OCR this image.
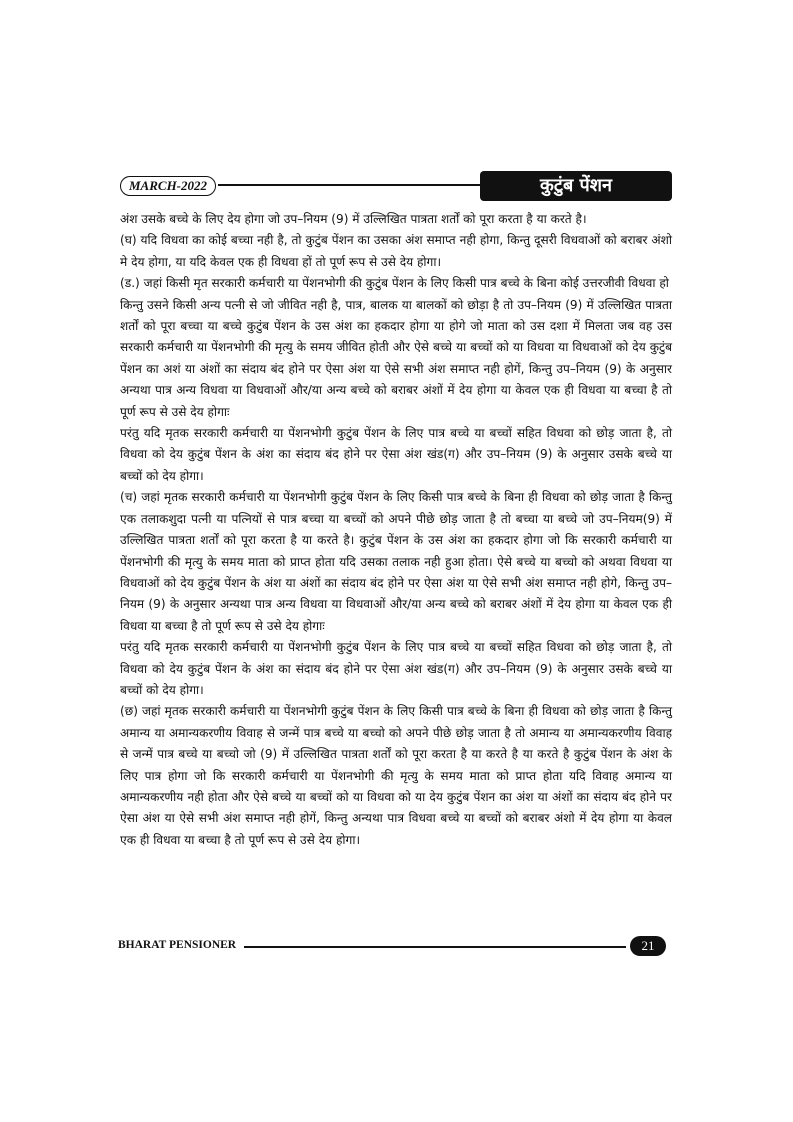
MARCH-2022	कुटुंब पेंशन

अंश उसके बच्चे के लिए देय होगा जो उप–नियम (9) में उल्लिखित पात्रता शर्तों को पूरा करता है या करते है।

(घ) यदि विधवा का कोई बच्चा नही है, तो कुटुंब पेंशन का उसका अंश समाप्त नही होगा, किन्तु दूसरी विधवाओं को बराबर अंशो मे देय होगा, या यदि केवल एक ही विधवा हों तो पूर्ण रूप से उसे देय होगा।

(ड.) जहां किसी मृत सरकारी कर्मचारी या पेंशनभोगी की कुटुंब पेंशन के लिए किसी पात्र बच्चे के बिना कोई उत्तरजीवी विधवा हो

किन्तु उसने किसी अन्य पत्नी से जो जीवित नही है, पात्र, बालक या बालकों को छोड़ा है तो उप–नियम (9) में उल्लिखित पात्रता शर्तों को पूरा बच्चा या बच्चे कुटुंब पेंशन के उस अंश का हकदार होगा या होगे जो माता को उस दशा में मिलता जब वह उस सरकारी कर्मचारी या पेंशनभोगी की मृत्यु के समय जीवित होती और ऐसे बच्चे या बच्चों को या विधवा या विधवाओं को देय कुटुंब पेंशन का अशं या अंशों का संदाय बंद होने पर ऐसा अंश या ऐसे सभी अंश समाप्त नही होगें, किन्तु उप–नियम (9) के अनुसार अन्यथा पात्र अन्य विधवा या विधवाओं और/या अन्य बच्चे को बराबर अंशों में देय होगा या केवल एक ही विधवा या बच्चा है तो पूर्ण रूप से उसे देय होगाः

परंतु यदि मृतक सरकारी कर्मचारी या पेंशनभोगी कुटुंब पेंशन के लिए पात्र बच्चे या बच्चों सहित विधवा को छोड़ जाता है, तो विधवा को देय कुटुंब पेंशन के अंश का संदाय बंद होने पर ऐसा अंश खंड(ग) और उप–नियम (9) के अनुसार उसके बच्चे या बच्चों को देय होगा।

(च) जहां मृतक सरकारी कर्मचारी या पेंशनभोगी कुटुंब पेंशन के लिए किसी पात्र बच्चे के बिना ही विधवा को छोड़ जाता है किन्तु एक तलाकशुदा पत्नी या पत्नियों से पात्र बच्चा या बच्चों को अपने पीछे छोड़ जाता है तो बच्चा या बच्चे जो उप–नियम(9) में उल्लिखित पात्रता शर्तों को पूरा करता है या करते है। कुटुंब पेंशन के उस अंश का हकदार होगा जो कि सरकारी कर्मचारी या पेंशनभोगी की मृत्यु के समय माता को प्राप्त होता यदि उसका तलाक नही हुआ होता। ऐसे बच्चे या बच्चो को अथवा विधवा या विधवाओं को देय कुटुंब पेंशन के अंश या अंशों का संदाय बंद होने पर ऐसा अंश या ऐसे सभी अंश समाप्त नही होगे, किन्तु उप–नियम (9) के अनुसार अन्यथा पात्र अन्य विधवा या विधवाओं और/या अन्य बच्चे को बराबर अंशों में देय होगा या केवल एक ही विधवा या बच्चा है तो पूर्ण रूप से उसे देय होगाः

परंतु यदि मृतक सरकारी कर्मचारी या पेंशनभोगी कुटुंब पेंशन के लिए पात्र बच्चे या बच्चों सहित विधवा को छोड़ जाता है, तो विधवा को देय कुटुंब पेंशन के अंश का संदाय बंद होने पर ऐसा अंश खंड(ग) और उप–नियम (9) के अनुसार उसके बच्चे या बच्चों को देय होगा।

(छ) जहां मृतक सरकारी कर्मचारी या पेंशनभोगी कुटुंब पेंशन के लिए किसी पात्र बच्चे के बिना ही विधवा को छोड़ जाता है किन्तु अमान्य या अमान्यकरणीय विवाह से जन्में पात्र बच्चे या बच्चो को अपने पीछे छोड़ जाता है तो अमान्य या अमान्यकरणीय विवाह से जन्में पात्र बच्चे या बच्चो जो (9) में उल्लिखित पात्रता शर्तों को पूरा करता है या करते है या करते है कुटुंब पेंशन के अंश के लिए पात्र होगा जो कि सरकारी कर्मचारी या पेंशनभोगी की मृत्यु के समय माता को प्राप्त होता यदि विवाह अमान्य या अमान्यकरणीय नही होता और ऐसे बच्चे या बच्चों को या विधवा को या देय कुटुंब पेंशन का अंश या अंशों का संदाय बंद होने पर ऐसा अंश या ऐसे सभी अंश समाप्त नही होगें, किन्तु अन्यथा पात्र विधवा बच्चे या बच्चों को बराबर अंशो में देय होगा या केवल एक ही विधवा या बच्चा है तो पूर्ण रूप से उसे देय होगा।

BHARAT PENSIONER	21
